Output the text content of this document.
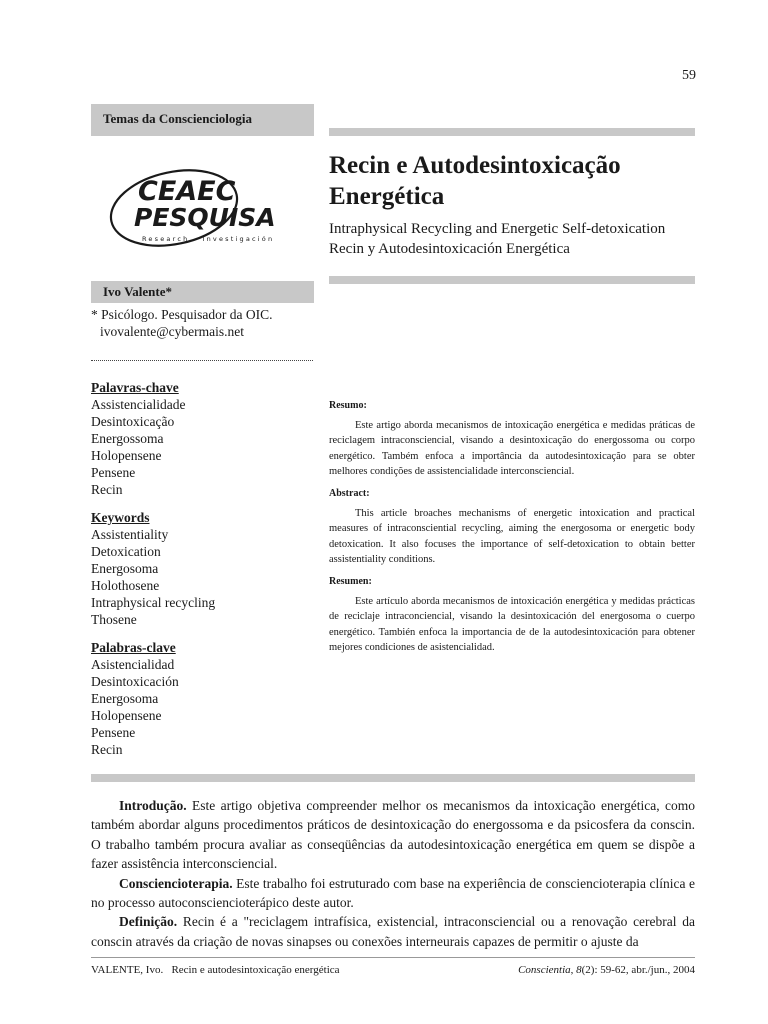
59
Temas da Conscienciologia
Recin e Autodesintoxicação
Energética
Intraphysical Recycling and Energetic Self-detoxication
Recin y Autodesintoxicación Energética
CEAEC
PESQUISA
Research - Investigación
Ivo Valente*
* Psicólogo. Pesquisador da OIC.
ivovalente@cybermais.net
Palavras-chave
Assistencialidade
Desintoxicação
Energossoma
Holopensene
Pensene
Recin
Keywords
Assistentiality
Detoxication
Energosoma
Holothosene
Intraphysical recycling
Thosene
Palabras-clave
Asistencialidad
Desintoxicación
Energosoma
Holopensene
Pensene
Recin
Resumo:
Este artigo aborda mecanismos de intoxicação energética e medidas práticas de reciclagem intraconsciencial, visando a desintoxicação do energossoma ou corpo energético. Também enfoca a importância da autodesintoxicação para se obter melhores condições de assistencialidade interconsciencial.
Abstract:
This article broaches mechanisms of energetic intoxication and practical measures of intraconsciential recycling, aiming the energosoma or energetic body detoxication. It also focuses the importance of self-detoxication to obtain better assistentiality conditions.
Resumen:
Este artículo aborda mecanismos de intoxicación energética y medidas prácticas de reciclaje intraconciencial, visando la desintoxicación del energosoma o cuerpo energético. También enfoca la importancia de de la autodesintoxicación para obtener mejores condiciones de asistencialidad.

Introdução. Este artigo objetiva compreender melhor os mecanismos da intoxicação energética, como também abordar alguns procedimentos práticos de desintoxicação do energossoma e da psicosfera da conscin. O trabalho também procura avaliar as conseqüências da autodesintoxicação energética em quem se dispõe a fazer assistência interconsciencial.

Conscienciοterapia. Este trabalho foi estruturado com base na experiência de conscienciοterapia clínica e no processo autoconscienciοterápico deste autor.

Definição. Recin é a "reciclagem intrafísica, existencial, intraconsciencial ou a renovação cerebral da conscin através da criação de novas sinapses ou conexões interneurais capazes de permitir o ajuste da

VALENTE, Ivo.   Recin e autodesintoxicação energética	Conscientia, 8(2): 59-62, abr./jun., 2004
